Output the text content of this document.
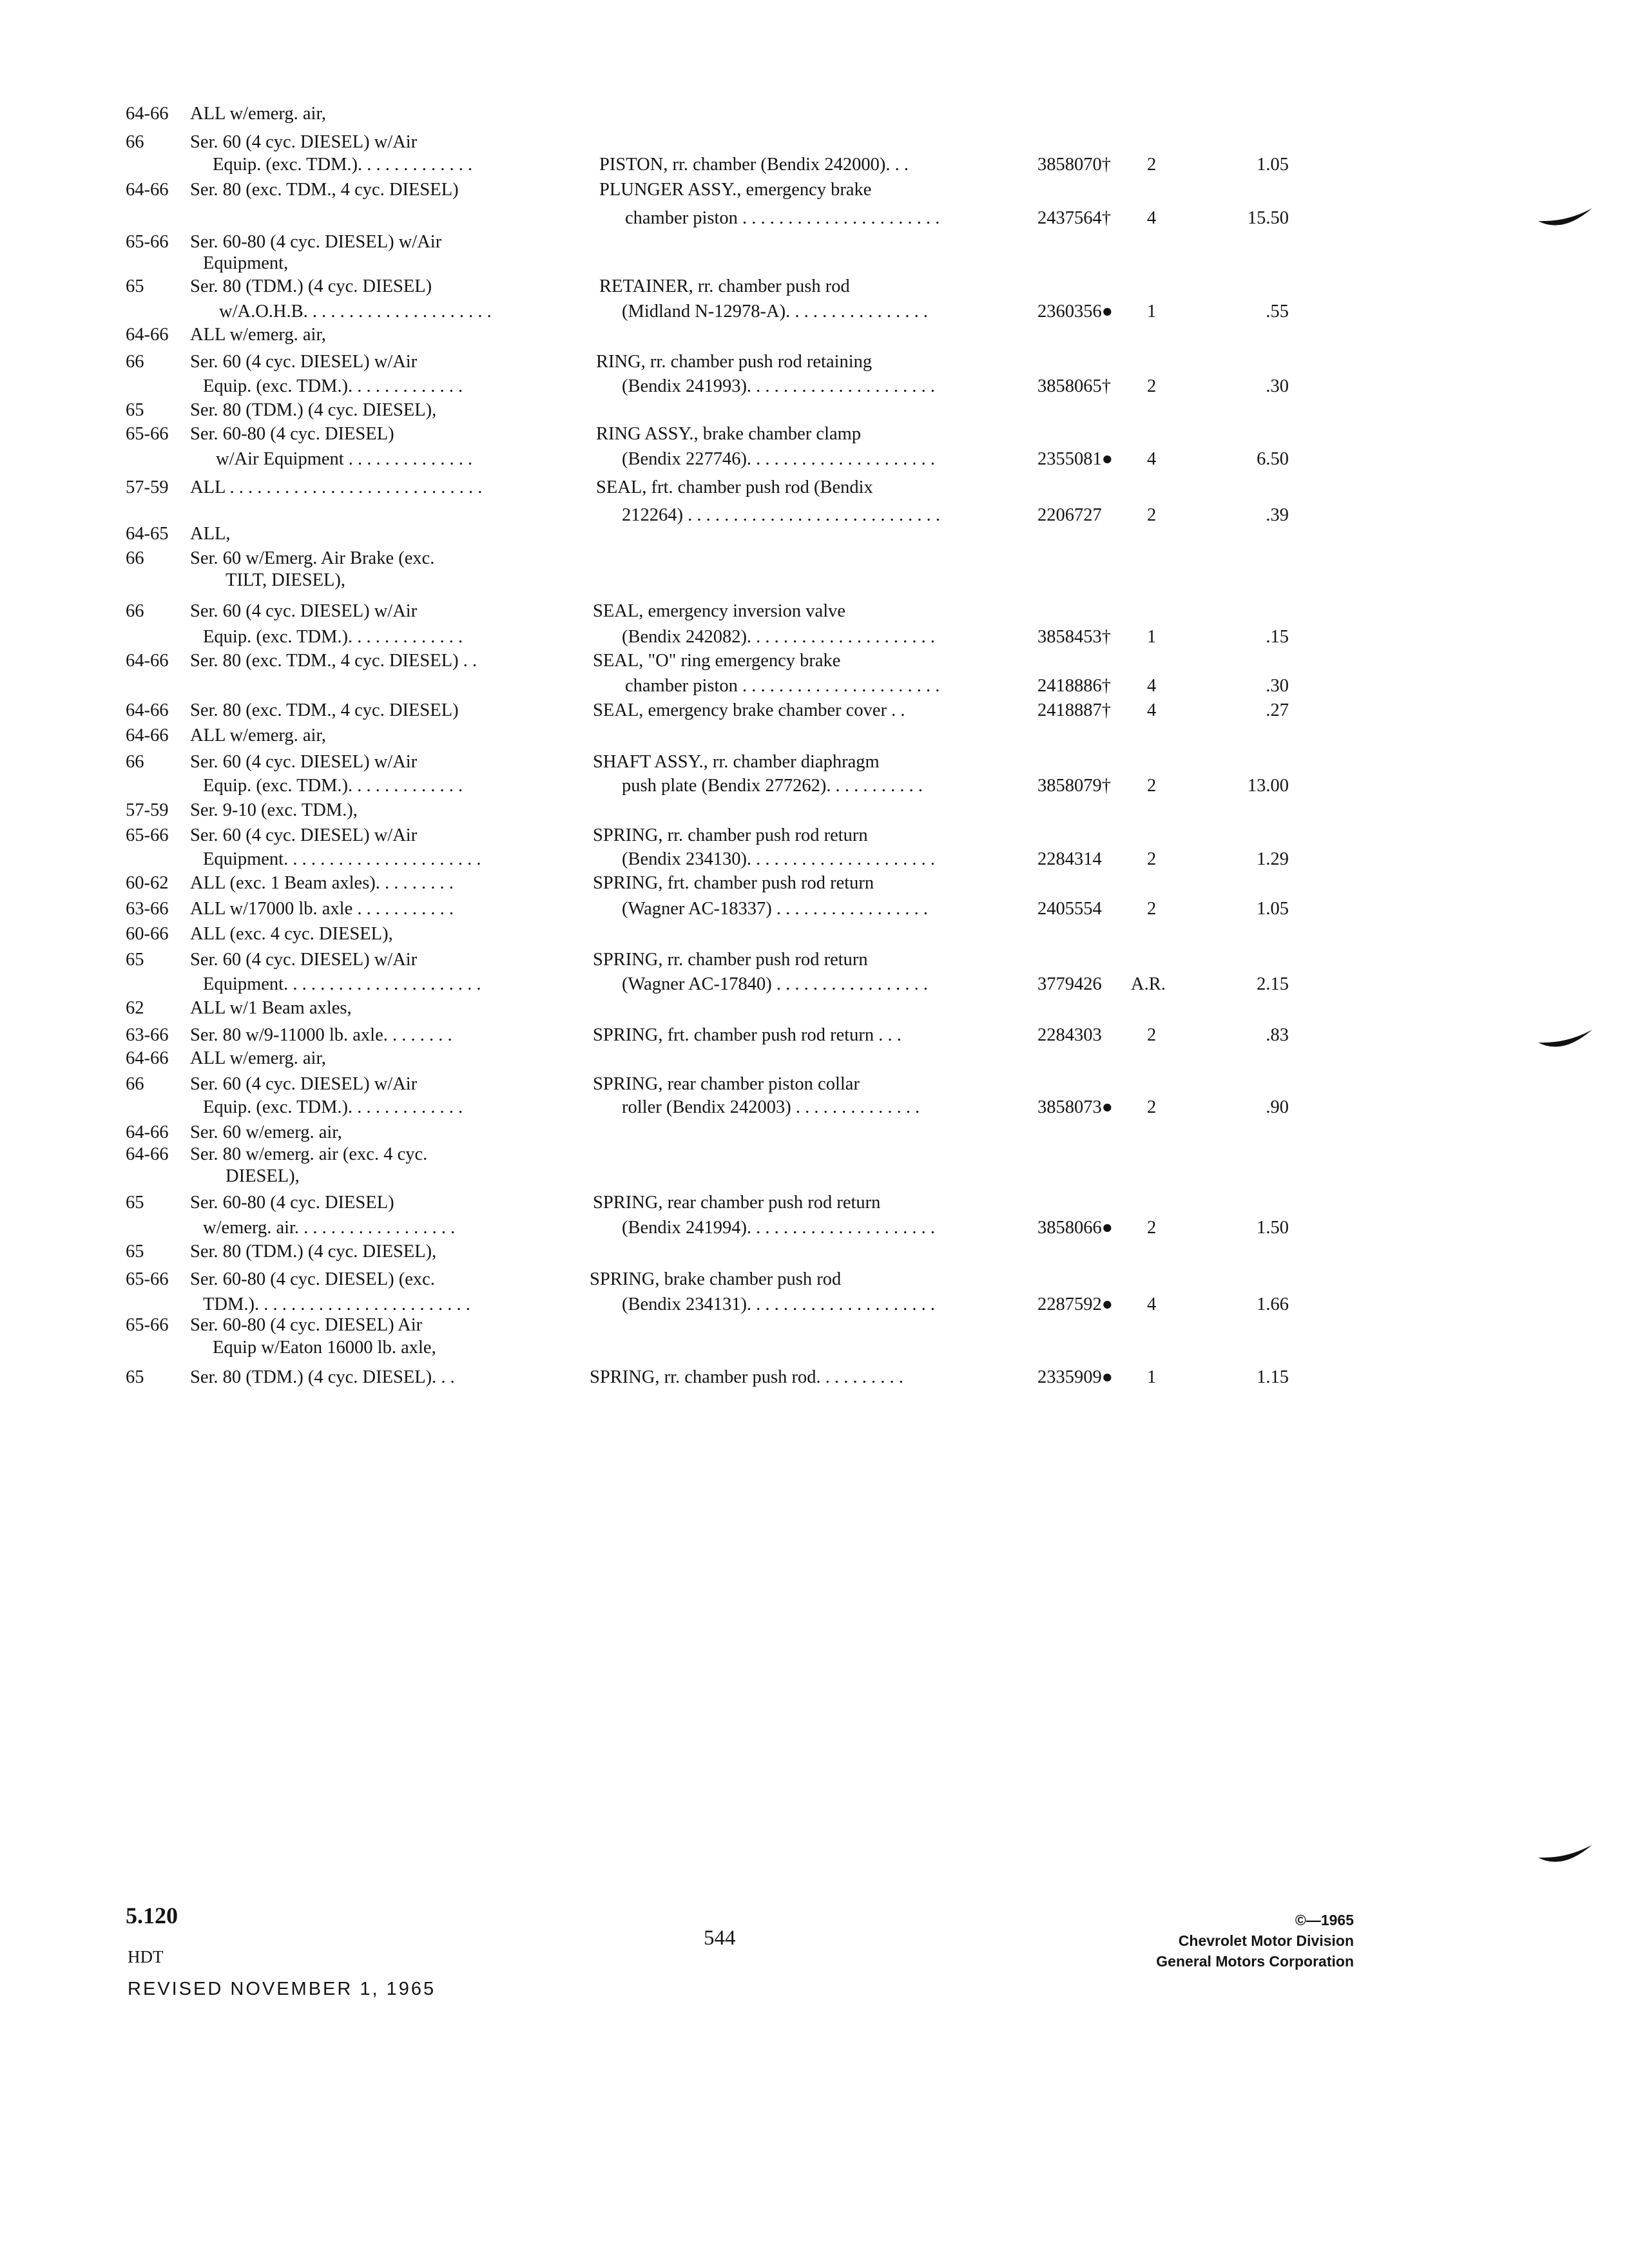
64-66 ALL w/emerg. air,
66	Ser. 60 (4 cyc. DIESEL) w/Air
Equip. (exc. TDM.). . . . . . . . . . . . .	PISTON, rr. chamber (Bendix 242000). . .	3858070† 2	1.05
64-66 Ser. 80 (exc. TDM., 4 cyc. DIESEL)	PLUNGER ASSY., emergency brake
chamber piston . . . . . . . . . . . . . . . . . . . . . .	2437564† 4	15.50
65-66 Ser. 60-80 (4 cyc. DIESEL) w/Air
Equipment,
65	Ser. 80 (TDM.) (4 cyc. DIESEL)	RETAINER, rr. chamber push rod
w/A.O.H.B. . . . . . . . . . . . . . . . . . . . .	(Midland N-12978-A). . . . . . . . . . . . . . . .	2360356● 1	.55
64-66 ALL w/emerg. air,
66	Ser. 60 (4 cyc. DIESEL) w/Air	RING, rr. chamber push rod retaining
Equip. (exc. TDM.). . . . . . . . . . . . .	(Bendix 241993). . . . . . . . . . . . . . . . . . . . .	3858065† 2	.30
65	Ser. 80 (TDM.) (4 cyc. DIESEL),
65-66 Ser. 60-80 (4 cyc. DIESEL)	RING ASSY., brake chamber clamp
w/Air Equipment . . . . . . . . . . . . . .	(Bendix 227746). . . . . . . . . . . . . . . . . . . . .	2355081● 4	6.50
57-59 ALL . . . . . . . . . . . . . . . . . . . . . . . . . . . .	SEAL, frt. chamber push rod (Bendix
212264) . . . . . . . . . . . . . . . . . . . . . . . . . . . .	2206727 2	.39
64-65 ALL,
66	Ser. 60 w/Emerg. Air Brake (exc.
TILT, DIESEL),
66	Ser. 60 (4 cyc. DIESEL) w/Air	SEAL, emergency inversion valve
Equip. (exc. TDM.). . . . . . . . . . . . .	(Bendix 242082). . . . . . . . . . . . . . . . . . . . .	3858453† 1	.15
64-66 Ser. 80 (exc. TDM., 4 cyc. DIESEL) . .	SEAL, "O" ring emergency brake
chamber piston . . . . . . . . . . . . . . . . . . . . . .	2418886† 4	.30
64-66 Ser. 80 (exc. TDM., 4 cyc. DIESEL)	SEAL, emergency brake chamber cover . .	2418887† 4	.27
64-66 ALL w/emerg. air,
66	Ser. 60 (4 cyc. DIESEL) w/Air	SHAFT ASSY., rr. chamber diaphragm
Equip. (exc. TDM.). . . . . . . . . . . . .	push plate (Bendix 277262). . . . . . . . . . .	3858079† 2	13.00
57-59 Ser. 9-10 (exc. TDM.),
65-66 Ser. 60 (4 cyc. DIESEL) w/Air	SPRING, rr. chamber push rod return
Equipment. . . . . . . . . . . . . . . . . . . . . .	(Bendix 234130). . . . . . . . . . . . . . . . . . . . .	2284314 2	1.29
60-62 ALL (exc. 1 Beam axles). . . . . . . . .	SPRING, frt. chamber push rod return
63-66 ALL w/17000 lb. axle . . . . . . . . . . .	(Wagner AC-18337) . . . . . . . . . . . . . . . . .	2405554 2	1.05
60-66 ALL (exc. 4 cyc. DIESEL),
65	Ser. 60 (4 cyc. DIESEL) w/Air	SPRING, rr. chamber push rod return
Equipment. . . . . . . . . . . . . . . . . . . . . .	(Wagner AC-17840) . . . . . . . . . . . . . . . . .	3779426 A.R.	2.15
62	ALL w/1 Beam axles,
63-66 Ser. 80 w/9-11000 lb. axle. . . . . . . .	SPRING, frt. chamber push rod return . . .	2284303 2	.83
64-66 ALL w/emerg. air,
66	Ser. 60 (4 cyc. DIESEL) w/Air	SPRING, rear chamber piston collar
Equip. (exc. TDM.). . . . . . . . . . . . .	roller (Bendix 242003) . . . . . . . . . . . . . .	3858073● 2	.90
64-66 Ser. 60 w/emerg. air,
64-66 Ser. 80 w/emerg. air (exc. 4 cyc.
DIESEL),
65	Ser. 60-80 (4 cyc. DIESEL)	SPRING, rear chamber push rod return
w/emerg. air. . . . . . . . . . . . . . . . . .	(Bendix 241994). . . . . . . . . . . . . . . . . . . . .	3858066● 2	1.50
65	Ser. 80 (TDM.) (4 cyc. DIESEL),
65-66 Ser. 60-80 (4 cyc. DIESEL) (exc.	SPRING, brake chamber push rod
TDM.). . . . . . . . . . . . . . . . . . . . . . . .	(Bendix 234131). . . . . . . . . . . . . . . . . . . . .	2287592● 4	1.66
65-66 Ser. 60-80 (4 cyc. DIESEL) Air
Equip w/Eaton 16000 lb. axle,
65	Ser. 80 (TDM.) (4 cyc. DIESEL). . .	SPRING, rr. chamber push rod. . . . . . . . . .	2335909● 1	1.15
5.120
HDT
REVISED NOVEMBER 1, 1965
544
©—1965
Chevrolet Motor Division
General Motors Corporation
